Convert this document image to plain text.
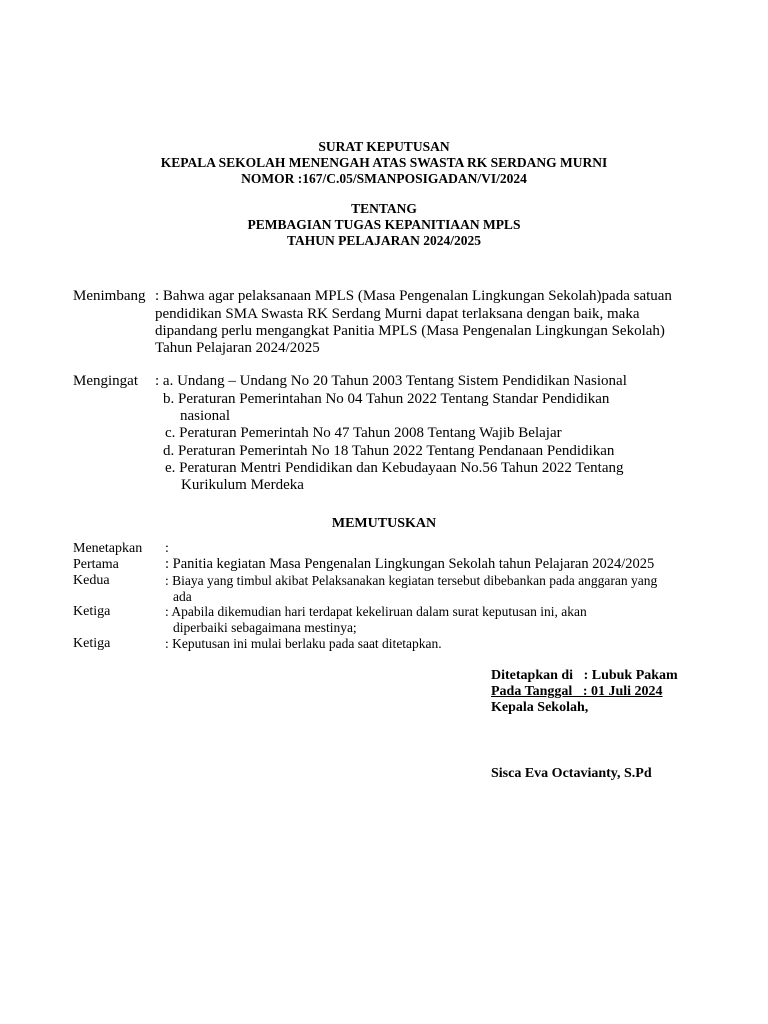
SURAT KEPUTUSAN
KEPALA SEKOLAH MENENGAH ATAS SWASTA RK SERDANG MURNI
NOMOR :167/C.05/SMANPOSIGADAN/VI/2024
TENTANG
PEMBAGIAN TUGAS KEPANITIAAN MPLS
TAHUN PELAJARAN 2024/2025
Menimbang : Bahwa agar pelaksanaan MPLS (Masa Pengenalan Lingkungan Sekolah)pada satuan
pendidikan SMA Swasta RK Serdang Murni dapat terlaksana dengan baik, maka
dipandang perlu mengangkat Panitia MPLS (Masa Pengenalan Lingkungan Sekolah)
Tahun Pelajaran 2024/2025
Mengingat : a. Undang – Undang No 20 Tahun 2003 Tentang Sistem Pendidikan Nasional
b. Peraturan Pemerintahan No 04 Tahun 2022 Tentang Standar Pendidikan
nasional
c. Peraturan Pemerintah No 47 Tahun 2008 Tentang Wajib Belajar
d. Peraturan Pemerintah No 18 Tahun 2022 Tentang Pendanaan Pendidikan
e. Peraturan Mentri Pendidikan dan Kebudayaan No.56 Tahun 2022 Tentang
Kurikulum Merdeka
MEMUTUSKAN
Menetapkan :
Pertama	: Panitia kegiatan Masa Pengenalan Lingkungan Sekolah tahun Pelajaran 2024/2025
Kedua	: Biaya yang timbul akibat Pelaksanakan kegiatan tersebut dibebankan pada anggaran yang
ada
Ketiga	: Apabila dikemudian hari terdapat kekeliruan dalam surat keputusan ini, akan
diperbaiki sebagaimana mestinya;
Ketiga	: Keputusan ini mulai berlaku pada saat ditetapkan.
Ditetapkan di   : Lubuk Pakam
Pada Tanggal   : 01 Juli 2024
Kepala Sekolah,
Sisca Eva Octavianty, S.Pd
